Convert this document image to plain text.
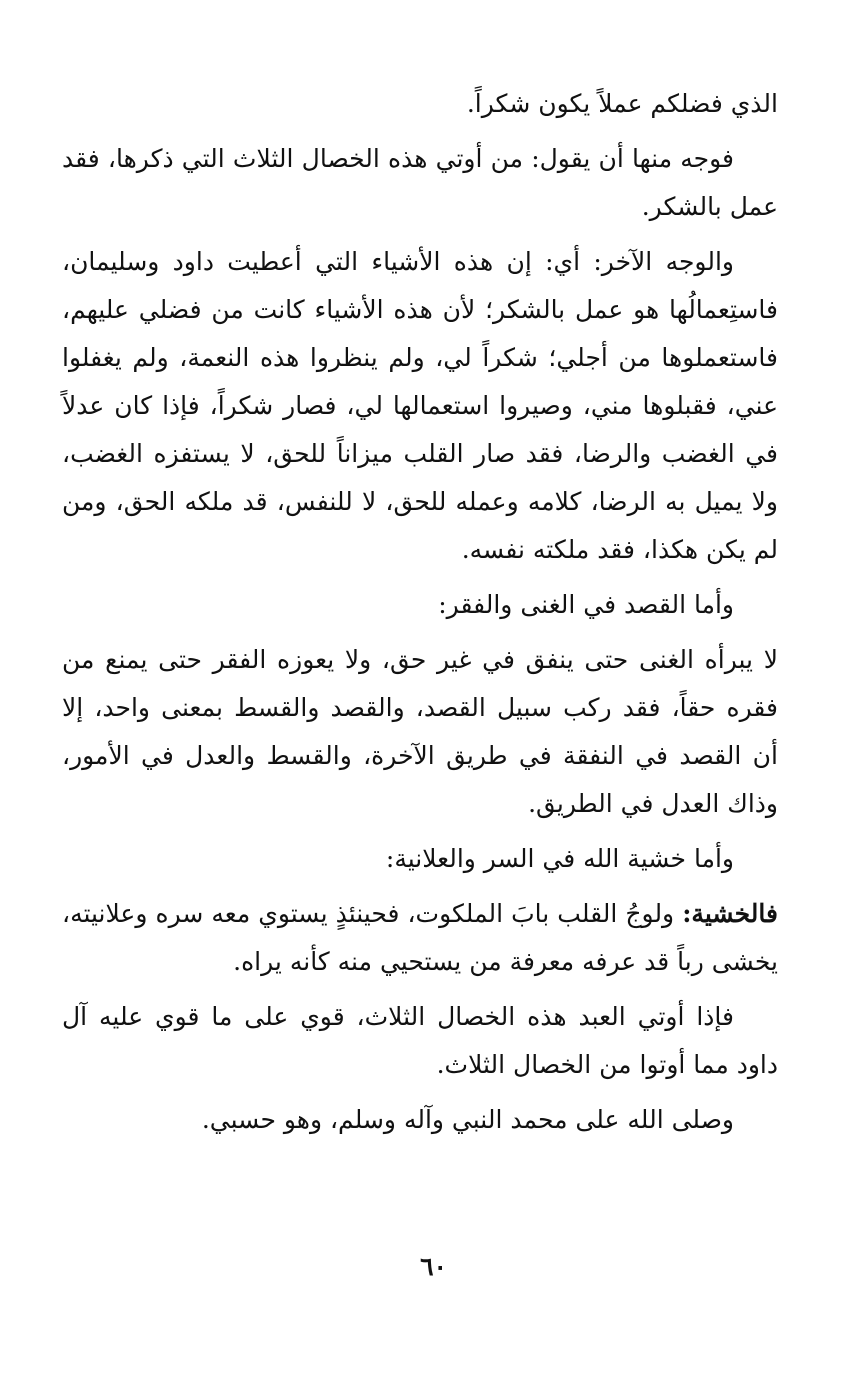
الذي فضلكم عملاً يكون شكراً.

فوجه منها أن يقول: من أوتي هذه الخصال الثلاث التي ذكرها، فقد عمل بالشكر.

والوجه الآخر: أي: إن هذه الأشياء التي أعطيت داود وسليمان، فاستِعمالُها هو عمل بالشكر؛ لأن هذه الأشياء كانت من فضلي عليهم، فاستعملوها من أجلي؛ شكراً لي، ولم ينظروا هذه النعمة، ولم يغفلوا عني، فقبلوها مني، وصيروا استعمالها لي، فصار شكراً، فإذا كان عدلاً في الغضب والرضا، فقد صار القلب ميزاناً للحق، لا يستفزه الغضب، ولا يميل به الرضا، كلامه وعمله للحق، لا للنفس، قد ملكه الحق، ومن لم يكن هكذا، فقد ملكته نفسه.

وأما القصد في الغنى والفقر:

لا يبرأه الغنى حتى ينفق في غير حق، ولا يعوزه الفقر حتى يمنع من فقره حقاً، فقد ركب سبيل القصد، والقصد والقسط بمعنى واحد، إلا أن القصد في النفقة في طريق الآخرة، والقسط والعدل في الأمور، وذاك العدل في الطريق.

وأما خشية الله في السر والعلانية:

فالخشية: ولوجُ القلب بابَ الملكوت، فحينئذٍ يستوي معه سره وعلانيته، يخشى رباً قد عرفه معرفة من يستحيي منه كأنه يراه.

فإذا أوتي العبد هذه الخصال الثلاث، قوي على ما قوي عليه آل داود مما أوتوا من الخصال الثلاث.

وصلى الله على محمد النبي وآله وسلم، وهو حسبي.

٦٠
